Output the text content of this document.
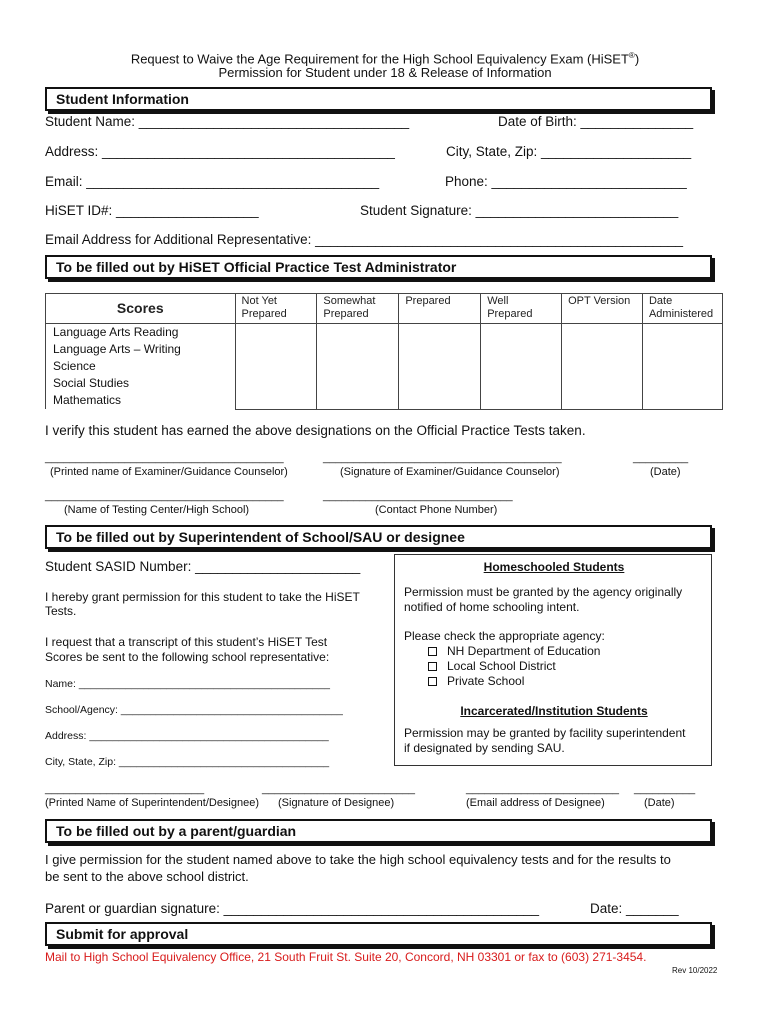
Request to Waive the Age Requirement for the High School Equivalency Exam (HiSET®)
Permission for Student under 18 & Release of Information
Student Information
Student Name: ____________________________________	Date of Birth: _______________
Address: _______________________________________	City, State, Zip: ____________________
Email: _______________________________________	Phone: __________________________
HiSET ID#: ___________________	Student Signature: ___________________________
Email Address for Additional Representative: _________________________________________________
To be filled out by HiSET Official Practice Test Administrator
Scores	Not Yet Prepared	Somewhat Prepared	Prepared	Well Prepared	OPT Version	Date Administered

Language Arts Reading
Language Arts – Writing
Science
Social Studies
Mathematics						

I verify this student has earned the above designations on the Official Practice Tests taken.
_______________________________________	_______________________________________	_________
(Printed name of Examiner/Guidance Counselor)	(Signature of Examiner/Guidance Counselor)	(Date)
_______________________________________	_______________________________
(Name of Testing Center/High School)	(Contact Phone Number)
To be filled out by Superintendent of School/SAU or designee
Student SASID Number: ______________________
I hereby grant permission for this student to take the HiSET
Tests.
I request that a transcript of this student’s HiSET Test
Scores be sent to the following school representative:
Name: ___________________________________________
School/Agency: ______________________________________
Address: _________________________________________
City, State, Zip: ____________________________________
Homeschooled Students
Permission must be granted by the agency originally
notified of home schooling intent.
Please check the appropriate agency:
NH Department of Education
Local School District
Private School
Incarcerated/Institution Students
Permission may be granted by facility superintendent
if designated by sending SAU.
__________________________	_________________________	_________________________ __________
(Printed Name of Superintendent/Designee) (Signature of Designee)	(Email address of Designee)	(Date)
To be filled out by a parent/guardian
I give permission for the student named above to take the high school equivalency tests and for the results to
be sent to the above school district.
Parent or guardian signature: __________________________________________	Date: _______
Submit for approval
Mail to High School Equivalency Office, 21 South Fruit St. Suite 20, Concord, NH 03301 or fax to (603) 271-3454.
Rev 10/2022
